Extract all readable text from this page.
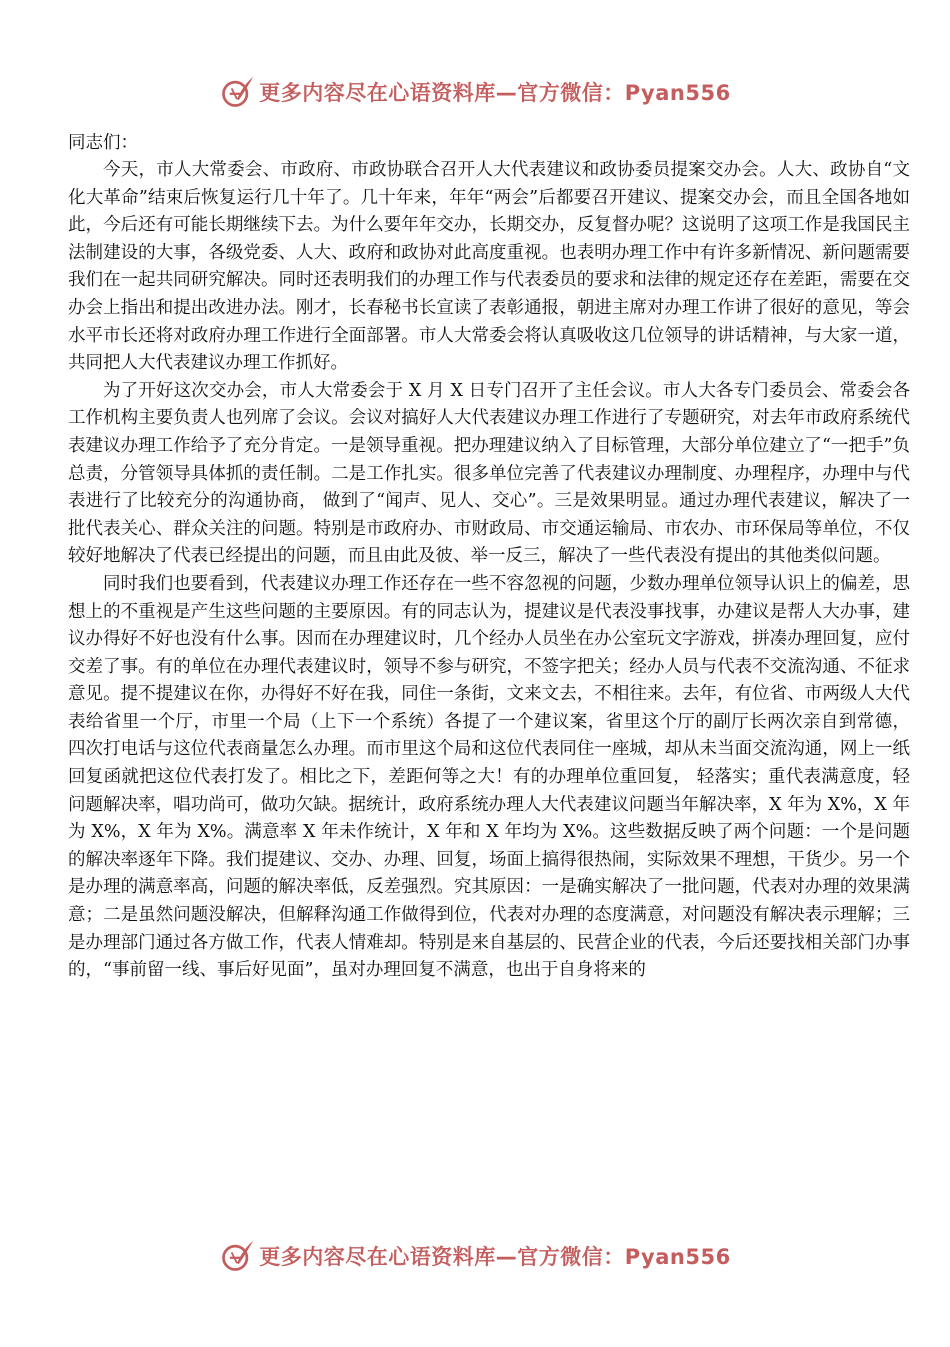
更多内容尽在心语资料库—官方微信：Pyan556

同志们：

今天，市人大常委会、市政府、市政协联合召开人大代表建议和政协委员提案交办会。人大、政协自“文化大革命”结束后恢复运行几十年了。几十年来，年年“两会”后都要召开建议、提案交办会，而且全国各地如此，今后还有可能长期继续下去。为什么要年年交办，长期交办，反复督办呢？这说明了这项工作是我国民主法制建设的大事，各级党委、人大、政府和政协对此高度重视。也表明办理工作中有许多新情况、新问题需要我们在一起共同研究解决。同时还表明我们的办理工作与代表委员的要求和法律的规定还存在差距，需要在交办会上指出和提出改进办法。刚才，长春秘书长宣读了表彰通报，朝进主席对办理工作讲了很好的意见，等会水平市长还将对政府办理工作进行全面部署。市人大常委会将认真吸收这几位领导的讲话精神，与大家一道，共同把人大代表建议办理工作抓好。

为了开好这次交办会，市人大常委会于 X 月 X 日专门召开了主任会议。市人大各专门委员会、常委会各工作机构主要负责人也列席了会议。会议对搞好人大代表建议办理工作进行了专题研究，对去年市政府系统代表建议办理工作给予了充分肯定。一是领导重视。把办理建议纳入了目标管理，大部分单位建立了“一把手”负总责，分管领导具体抓的责任制。二是工作扎实。很多单位完善了代表建议办理制度、办理程序，办理中与代表进行了比较充分的沟通协商， 做到了“闻声、见人、交心”。三是效果明显。通过办理代表建议，解决了一批代表关心、群众关注的问题。特别是市政府办、市财政局、市交通运输局、市农办、市环保局等单位，不仅较好地解决了代表已经提出的问题，而且由此及彼、举一反三，解决了一些代表没有提出的其他类似问题。

同时我们也要看到，代表建议办理工作还存在一些不容忽视的问题，少数办理单位领导认识上的偏差，思想上的不重视是产生这些问题的主要原因。有的同志认为，提建议是代表没事找事，办建议是帮人大办事，建议办得好不好也没有什么事。因而在办理建议时，几个经办人员坐在办公室玩文字游戏，拼凑办理回复，应付交差了事。有的单位在办理代表建议时，领导不参与研究，不签字把关；经办人员与代表不交流沟通、不征求意见。提不提建议在你，办得好不好在我，同住一条街，文来文去，不相往来。去年，有位省、市两级人大代表给省里一个厅，市里一个局（上下一个系统）各提了一个建议案，省里这个厅的副厅长两次亲自到常德， 四次打电话与这位代表商量怎么办理。而市里这个局和这位代表同住一座城，却从未当面交流沟通，网上一纸回复函就把这位代表打发了。相比之下，差距何等之大！有的办理单位重回复， 轻落实；重代表满意度，轻问题解决率，唱功尚可，做功欠缺。据统计，政府系统办理人大代表建议问题当年解决率，X 年为 X%，X 年为 X%，X 年为 X%。满意率 X 年未作统计，X 年和 X 年均为 X%。这些数据反映了两个问题：一个是问题的解决率逐年下降。我们提建议、交办、办理、回复，场面上搞得很热闹，实际效果不理想，干货少。另一个是办理的满意率高，问题的解决率低，反差强烈。究其原因：一是确实解决了一批问题，代表对办理的效果满意；二是虽然问题没解决，但解释沟通工作做得到位，代表对办理的态度满意，对问题没有解决表示理解；三是办理部门通过各方做工作，代表人情难却。特别是来自基层的、民营企业的代表，今后还要找相关部门办事的，“事前留一线、事后好见面”，虽对办理回复不满意，也出于自身将来的

更多内容尽在心语资料库—官方微信：Pyan556
